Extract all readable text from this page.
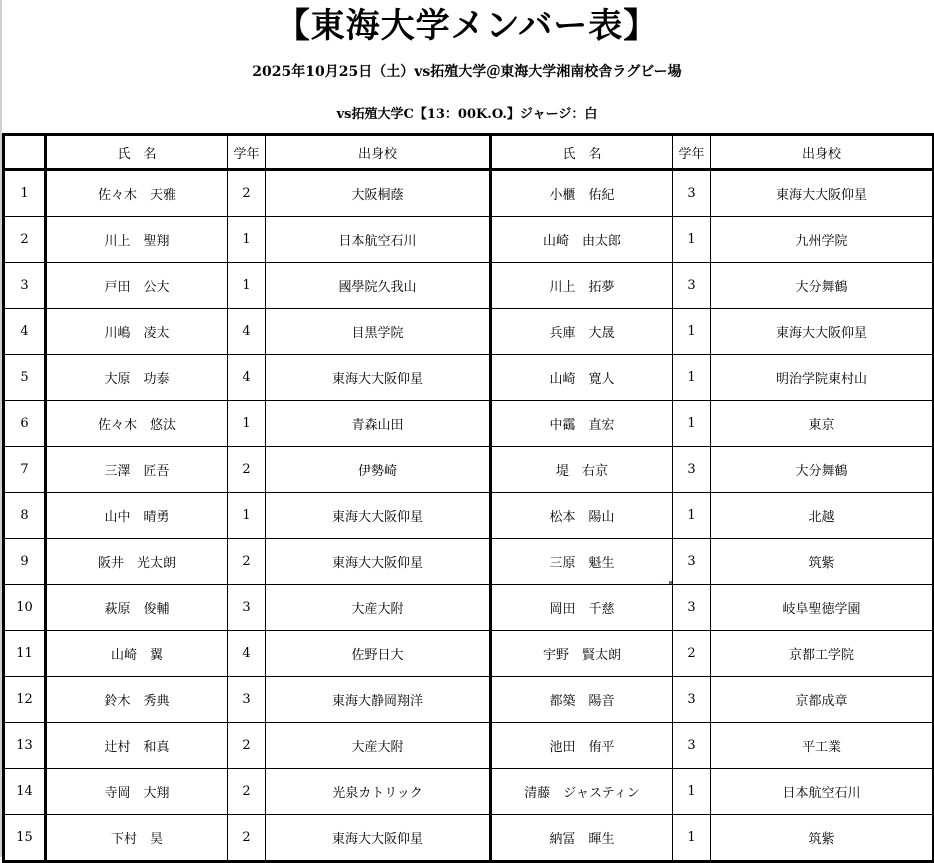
【東海大学メンバー表】
2025年10月25日（土）vs拓殖大学＠東海大学湘南校舎ラグビー場
vs拓殖大学C【13：00K.O.】ジャージ：白
	氏　名	学年	出身校	氏　名	学年	出身校
1	佐々木　天雅	2	大阪桐蔭	小櫃　佑紀	3	東海大大阪仰星
2	川上　聖翔	1	日本航空石川	山崎　由太郎	1	九州学院
3	戸田　公大	1	國學院久我山	川上　拓夢	3	大分舞鶴
4	川嶋　凌太	4	目黒学院	兵庫　大晟	1	東海大大阪仰星
5	大原　功泰	4	東海大大阪仰星	山崎　寛人	1	明治学院東村山
6	佐々木　悠汰	1	青森山田	中靍　直宏	1	東京
7	三澤　匠吾	2	伊勢崎	堤　右京	3	大分舞鶴
8	山中　晴勇	1	東海大大阪仰星	松本　陽山	1	北越
9	阪井　光太朗	2	東海大大阪仰星	三原　魁生	3	筑紫
10	萩原　俊輔	3	大産大附	岡田　千慈	3	岐阜聖徳学園
11	山崎　翼	4	佐野日大	宇野　賢太朗	2	京都工学院
12	鈴木　秀典	3	東海大静岡翔洋	都築　陽音	3	京都成章
13	辻村　和真	2	大産大附	池田　侑平	3	平工業
14	寺岡　大翔	2	光泉カトリック	清藤　ジャスティン	1	日本航空石川
15	下村　昊	2	東海大大阪仰星	納冨　暉生	1	筑紫
